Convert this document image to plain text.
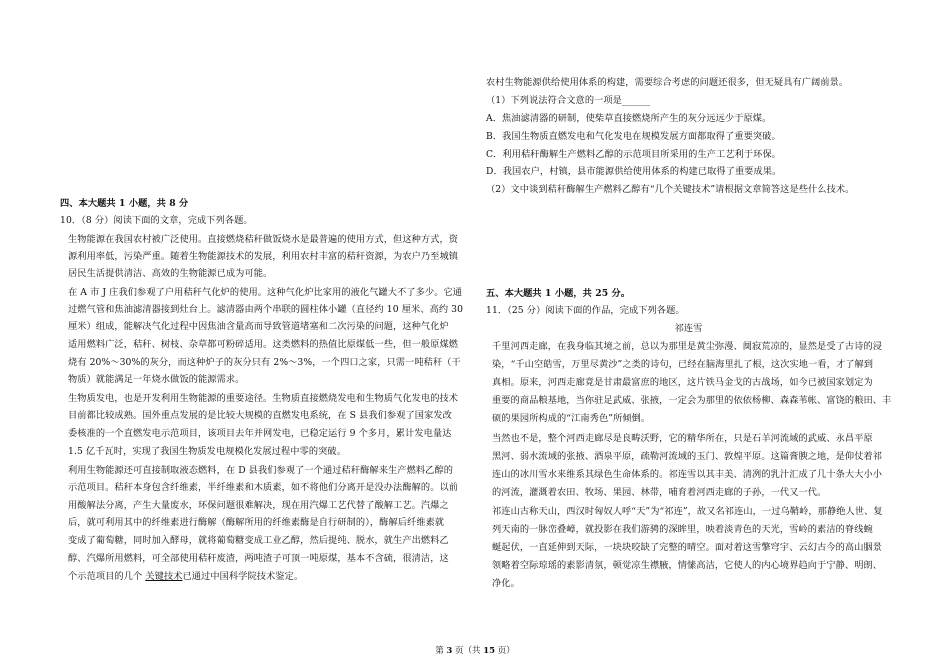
四、本大题共 1 小题，共 8 分
10．（8 分）阅读下面的文章，完成下列各题。
生物能源在我国农村被广泛使用。直接燃烧秸秆做饭烧水是最普遍的使用方式，但这种方式，资
源利用率低，污染严重。随着生物能源技术的发展，利用农村丰富的秸秆资源，为农户乃至城镇
居民生活提供清洁、高效的生物能源已成为可能。
在 A 市 J 庄我们参观了户用秸秆气化炉的使用。这种气化炉比家用的液化气罐大不了多少。它通
过燃气管和焦油滤清器接到灶台上。滤清器由两个串联的圆柱体小罐（直径约 10 厘米、高约 30
厘米）组成，能解决气化过程中因焦油含量高而导致管道堵塞和二次污染的问题，这种气化炉
适用燃料广泛，秸秆、树枝、杂草都可粉碎适用。这类燃料的热值比原煤低一些，但一般原煤燃
烧有 20%～30%的灰分，而这种炉子的灰分只有 2%～3%，一个四口之家，只需一吨秸秆（干
物质）就能满足一年烧水做饭的能源需求。
生物质发电，也是开发利用生物能源的重要途径。生物质直接燃烧发电和生物质气化发电的技术
目前都比较成熟。国外重点发展的是比较大规模的直燃发电系统，在 S 县我们参观了国家发改
委核准的一个直燃发电示范项目，该项目去年并网发电，已稳定运行 9 个多月，累计发电量达
1.5 亿千瓦时，实现了我国生物质发电规模化发展过程中零的突破。
利用生物能源还可直接制取液态燃料，在 D 县我们参观了一个通过秸秆酶解来生产燃料乙醇的
示范项目。秸秆本身包含纤维素，半纤维素和木质素，如不将他们分离开是没办法酶解的。以前
用酸解法分离，产生大量废水，环保问题很难解决，现在用汽爆工艺代替了酸解工艺。汽爆之
后，就可利用其中的纤维素进行酶解（酶解所用的纤维素酶是自行研制的），酶解后纤维素就
变成了葡萄糖，同时加入酵母，就将葡萄糖变成工业乙醇，然后提纯、脱水，就生产出燃料乙
醇、汽爆所用燃料，可全部使用秸秆废渣，两吨渣子可顶一吨原煤，基本不含硫，很清洁，这
个示范项目的几个 关键技术已通过中国科学院技术鉴定。
农村生物能源供给使用体系的构建，需要综合考虑的问题还很多，但无疑具有广阔前景。
（1）下列说法符合文意的一项是______
A．焦油滤清器的研制，使柴草直接燃烧所产生的灰分远远少于原煤。
B．我国生物质直燃发电和气化发电在规模发展方面都取得了重要突破。
C．利用秸秆酶解生产燃料乙醇的示范项目所采用的生产工艺利于环保。
D．我国农户，村镇，县市能源供给使用体系的构建已取得了重要成果。
（2）文中谈到秸秆酶解生产燃料乙醇有“几个关键技术”请根据文章简答这是些什么技术。
五、本大题共 1 小题，共 25 分。
11．（25 分）阅读下面的作品，完成下列各题。
祁连雪
千里河西走廊，在我身临其境之前，总以为那里是黄尘弥漫、阒寂荒凉的，显然是受了古诗的浸
染，“千山空皓雪，万里尽黄沙”之类的诗句，已经在脑海里扎了根，这次实地一看，才了解到
真相。原来，河西走廊竟是甘肃最富庶的地区，这片铁马金戈的古战场，如今已被国家划定为
重要的商品粮基地，当你驻足武威、张掖，一定会为那里的依依杨柳、森森苇帐、富饶的粮田、丰
硕的果园所构成的“江南秀色”所倾倒。
当然也不是，整个河西走廊尽是良畴沃野，它的精华所在，只是石羊河流域的武威、永昌平原
黑河、弱水流域的张掖、酒泉平原，疏勒河流域的玉门、敦煌平原。这篇膏腴之地，是仰仗着祁
连山的冰川雪水来维系其绿色生命体系的。祁连雪以其丰美、清冽的乳汁汇成了几十条大大小小
的河流，灌溉着农田、牧场、果园、林带，哺育着河西走廊的子孙，一代又一代。
祁连山古称天山，西汉时匈奴人呼“天”为“祁连”，故又名祁连山，一过乌鞘岭，那静绝人世、复
列天南的一脉峦叠嶂，就投影在我们游骋的深眸里，映着淡青色的天光，雪岭的素洁的脊线蜿
蜒起伏，一直延伸到天际，一块块咬缺了完整的晴空。面对着这雪擎穹宇、云幻古今的高山胭景
领略着空际琼瑶的素影清氛，顿觉凉生襟腋，情愫高洁，它使人的内心境界趋向于宁静、明朗、
净化。
第 3 页（共 15 页）
